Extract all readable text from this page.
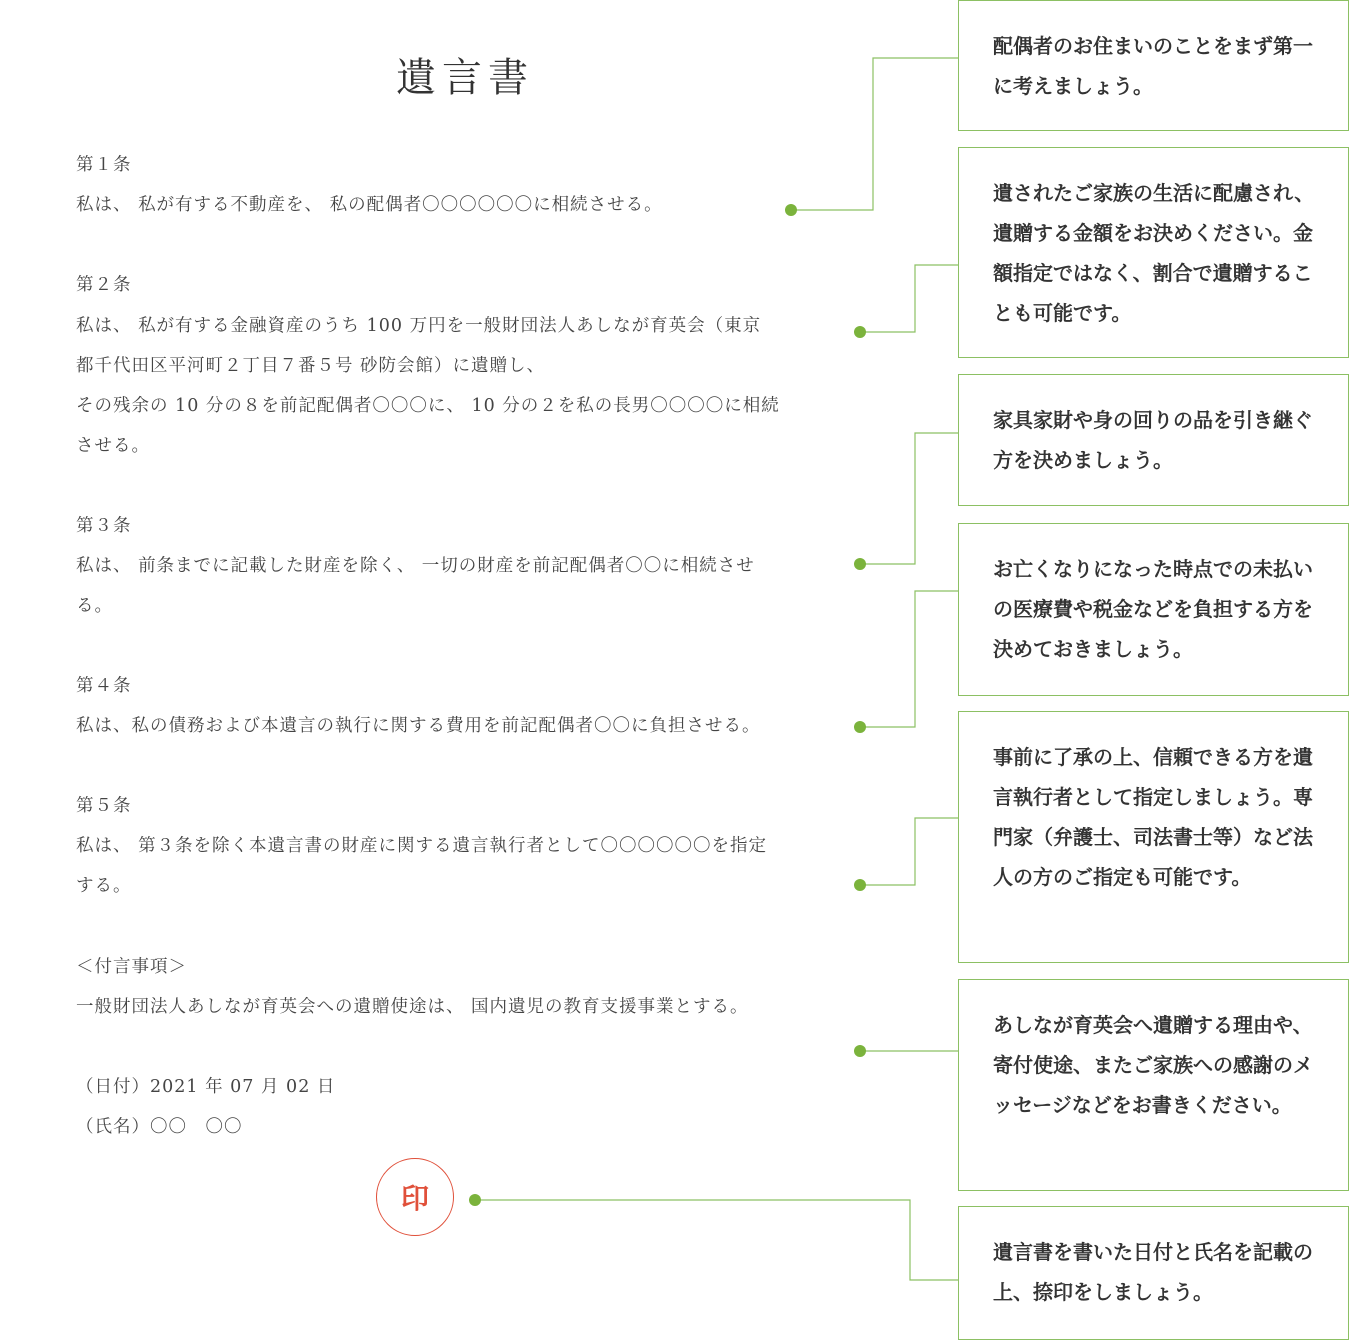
遺言書
第１条
私は、 私が有する不動産を、 私の配偶者〇〇〇〇〇〇に相続させる。
第２条
私は、 私が有する金融資産のうち 100 万円を一般財団法人あしなが育英会（東京
都千代田区平河町２丁目７番５号 砂防会館）に遺贈し、
その残余の 10 分の８を前記配偶者〇〇〇に、 10 分の２を私の長男〇〇〇〇に相続
させる。
第３条
私は、 前条までに記載した財産を除く、 一切の財産を前記配偶者〇〇に相続させ
る。
第４条
私は、私の債務および本遺言の執行に関する費用を前記配偶者〇〇に負担させる。
第５条
私は、 第３条を除く本遺言書の財産に関する遺言執行者として〇〇〇〇〇〇を指定
する。
＜付言事項＞
一般財団法人あしなが育英会への遺贈使途は、 国内遺児の教育支援事業とする。
（日付）2021 年 07 月 02 日
（氏名）〇〇　〇〇
印
配偶者のお住まいのことをまず第一に考えましょう。
遺されたご家族の生活に配慮され、遺贈する金額をお決めください。金額指定ではなく、割合で遺贈することも可能です。
家具家財や身の回りの品を引き継ぐ方を決めましょう。
お亡くなりになった時点での未払いの医療費や税金などを負担する方を決めておきましょう。
事前に了承の上、信頼できる方を遺言執行者として指定しましょう。専門家（弁護士、司法書士等）など法人の方のご指定も可能です。
あしなが育英会へ遺贈する理由や、寄付使途、またご家族への感謝のメッセージなどをお書きください。
遺言書を書いた日付と氏名を記載の上、捺印をしましょう。
